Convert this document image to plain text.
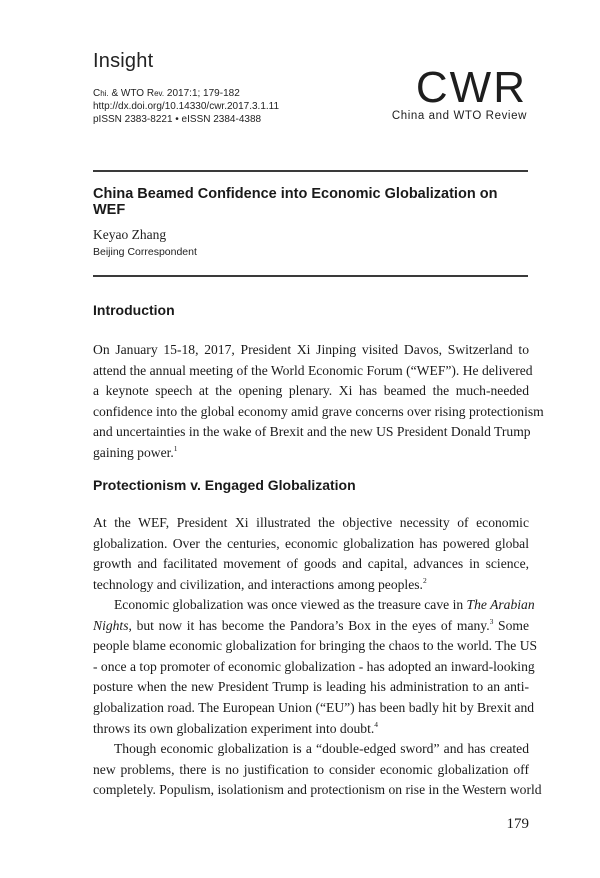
Insight
Chi. & WTO Rev. 2017:1; 179-182
http://dx.doi.org/10.14330/cwr.2017.3.1.11
pISSN 2383-8221 • eISSN 2384-4388
CWR
China and WTO Review
China Beamed Confidence into Economic Globalization on WEF
Keyao Zhang
Beijing Correspondent
Introduction
On January 15-18, 2017, President Xi Jinping visited Davos, Switzerland to
attend the annual meeting of the World Economic Forum (“WEF”). He delivered
a keynote speech at the opening plenary. Xi has beamed the much-needed
confidence into the global economy amid grave concerns over rising protectionism
and uncertainties in the wake of Brexit and the new US President Donald Trump
gaining power.$^1$
Protectionism v. Engaged Globalization
At the WEF, President Xi illustrated the objective necessity of economic
globalization. Over the centuries, economic globalization has powered global
growth and facilitated movement of goods and capital, advances in science,
technology and civilization, and interactions among peoples.$^2$
Economic globalization was once viewed as the treasure cave in The Arabian
Nights, but now it has become the Pandora’s Box in the eyes of many.$^3$ Some
people blame economic globalization for bringing the chaos to the world. The US
- once a top promoter of economic globalization - has adopted an inward-looking
posture when the new President Trump is leading his administration to an anti-
globalization road. The European Union (“EU”) has been badly hit by Brexit and
throws its own globalization experiment into doubt.$^4$
Though economic globalization is a “double-edged sword” and has created
new problems, there is no justification to consider economic globalization off
completely. Populism, isolationism and protectionism on rise in the Western world
179
